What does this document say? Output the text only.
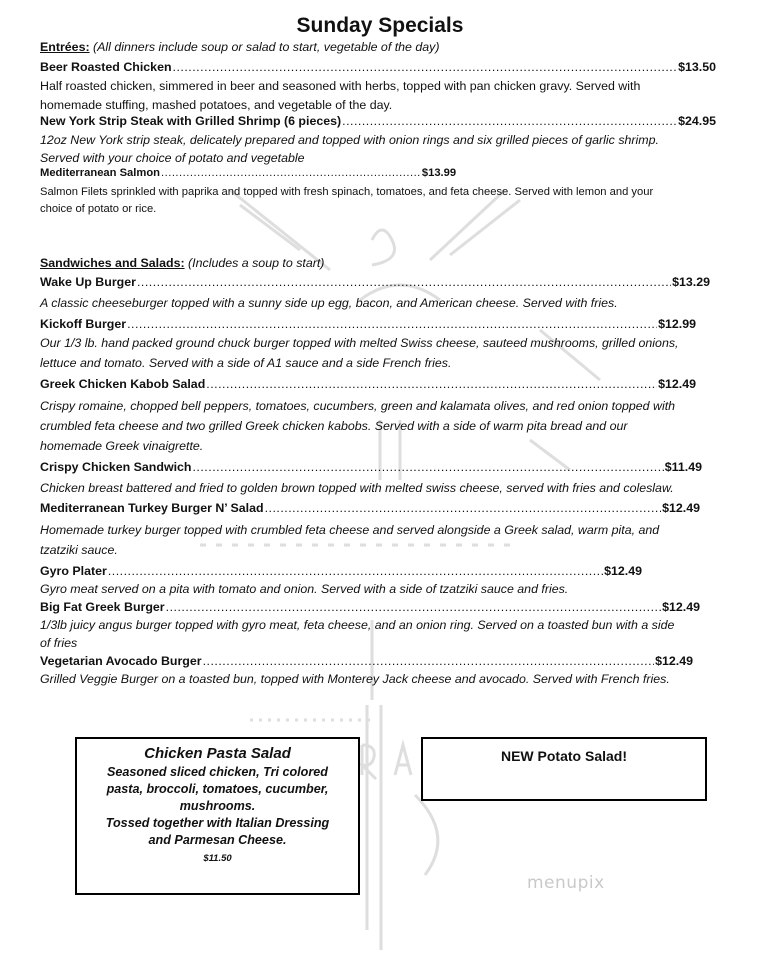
Sunday Specials
Entrées: (All dinners include soup or salad to start, vegetable of the day)
Beer Roasted Chicken .....	$13.50
Half roasted chicken, simmered in beer and seasoned with herbs, topped with pan chicken gravy. Served with
homemade stuffing, mashed potatoes, and vegetable of the day.
New York Strip Steak with Grilled Shrimp (6 pieces) .....	$24.95
12oz New York strip steak, delicately prepared and topped with onion rings and six grilled pieces of garlic shrimp.
Served with your choice of potato and vegetable
Mediterranean Salmon .....	$13.99
Salmon Filets sprinkled with paprika and topped with fresh spinach, tomatoes, and feta cheese. Served with lemon and your
choice of potato or rice.
Sandwiches and Salads: (Includes a soup to start)
Wake Up Burger .....	$13.29
A classic cheeseburger topped with a sunny side up egg, bacon, and American cheese. Served with fries.
Kickoff Burger .....	$12.99
Our 1/3 lb. hand packed ground chuck burger topped with melted Swiss cheese, sauteed mushrooms, grilled onions,
lettuce and tomato. Served with a side of A1 sauce and a side French fries.
Greek Chicken Kabob Salad .....	$12.49
Crispy romaine, chopped bell peppers, tomatoes, cucumbers, green and kalamata olives, and red onion topped with
crumbled feta cheese and two grilled Greek chicken kabobs. Served with a side of warm pita bread and our
homemade Greek vinaigrette.
Crispy Chicken Sandwich .....	$11.49
Chicken breast battered and fried to golden brown topped with melted swiss cheese, served with fries and coleslaw.
Mediterranean Turkey Burger N’ Salad .....	$12.49
Homemade turkey burger topped with crumbled feta cheese and served alongside a Greek salad, warm pita, and
tzatziki sauce.
Gyro Plater .....	$12.49
Gyro meat served on a pita with tomato and onion. Served with a side of tzatziki sauce and fries.
Big Fat Greek Burger .....	$12.49
1/3lb juicy angus burger topped with gyro meat, feta cheese, and an onion ring. Served on a toasted bun with a side
of fries
Vegetarian Avocado Burger .....	$12.49
Grilled Veggie Burger on a toasted bun, topped with Monterey Jack cheese and avocado. Served with French fries.
Chicken Pasta Salad
Seasoned sliced chicken, Tri colored
pasta, broccoli, tomatoes, cucumber,
mushrooms.
Tossed together with Italian Dressing
and Parmesan Cheese.
$11.50
NEW Potato Salad!
menupix
